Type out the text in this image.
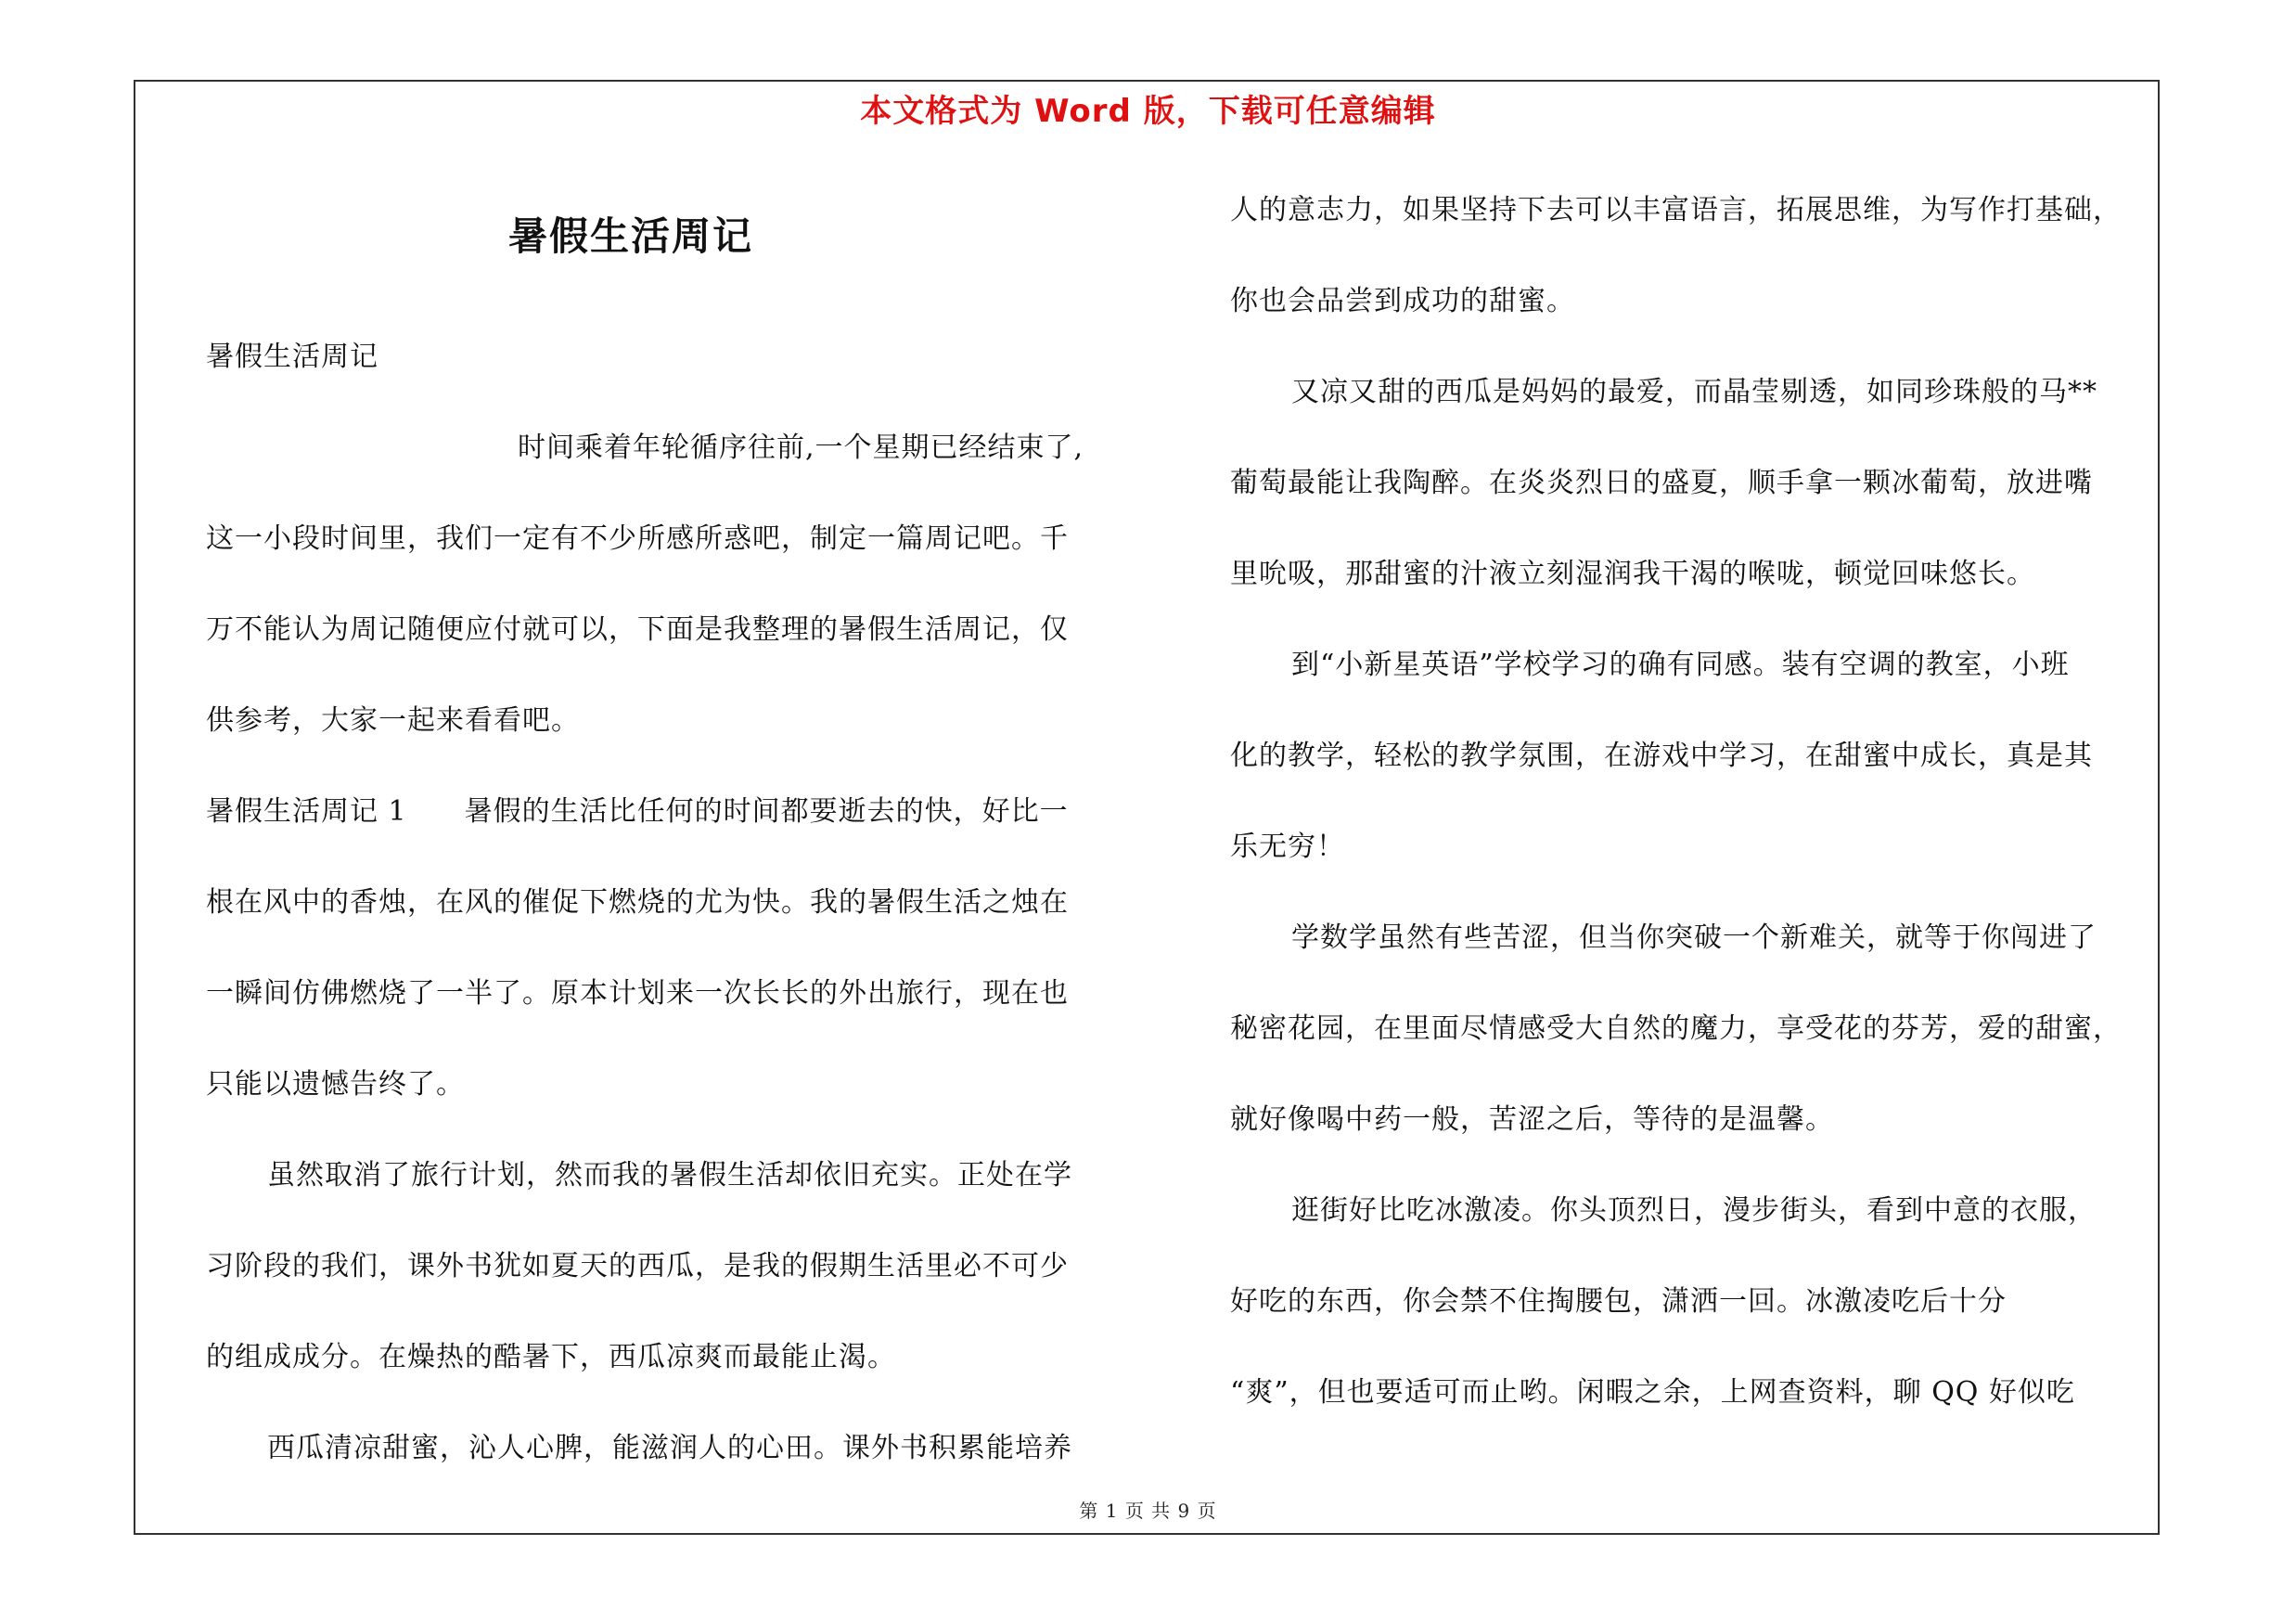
本文格式为 Word 版，下载可任意编辑
暑假生活周记
暑假生活周记
时间乘着年轮循序往前,一个星期已经结束了,
这一小段时间里，我们一定有不少所感所惑吧，制定一篇周记吧。千
万不能认为周记随便应付就可以，下面是我整理的暑假生活周记，仅
供参考，大家一起来看看吧。
暑假生活周记 1　　暑假的生活比任何的时间都要逝去的快，好比一
根在风中的香烛，在风的催促下燃烧的尤为快。我的暑假生活之烛在
一瞬间仿佛燃烧了一半了。原本计划来一次长长的外出旅行，现在也
只能以遗憾告终了。
虽然取消了旅行计划，然而我的暑假生活却依旧充实。正处在学
习阶段的我们，课外书犹如夏天的西瓜，是我的假期生活里必不可少
的组成成分。在燥热的酷暑下，西瓜凉爽而最能止渴。
西瓜清凉甜蜜，沁人心脾，能滋润人的心田。课外书积累能培养
人的意志力，如果坚持下去可以丰富语言，拓展思维，为写作打基础，
你也会品尝到成功的甜蜜。
又凉又甜的西瓜是妈妈的最爱，而晶莹剔透，如同珍珠般的马**
葡萄最能让我陶醉。在炎炎烈日的盛夏，顺手拿一颗冰葡萄，放进嘴
里吮吸，那甜蜜的汁液立刻湿润我干渴的喉咙，顿觉回味悠长。
到“小新星英语”学校学习的确有同感。装有空调的教室，小班
化的教学，轻松的教学氛围，在游戏中学习，在甜蜜中成长，真是其
乐无穷！
学数学虽然有些苦涩，但当你突破一个新难关，就等于你闯进了
秘密花园，在里面尽情感受大自然的魔力，享受花的芬芳，爱的甜蜜，
就好像喝中药一般，苦涩之后，等待的是温馨。
逛街好比吃冰激凌。你头顶烈日，漫步街头，看到中意的衣服，
好吃的东西，你会禁不住掏腰包，潇洒一回。冰激凌吃后十分
“爽”，但也要适可而止哟。闲暇之余，上网查资料，聊 QQ 好似吃
第 1 页 共 9 页
